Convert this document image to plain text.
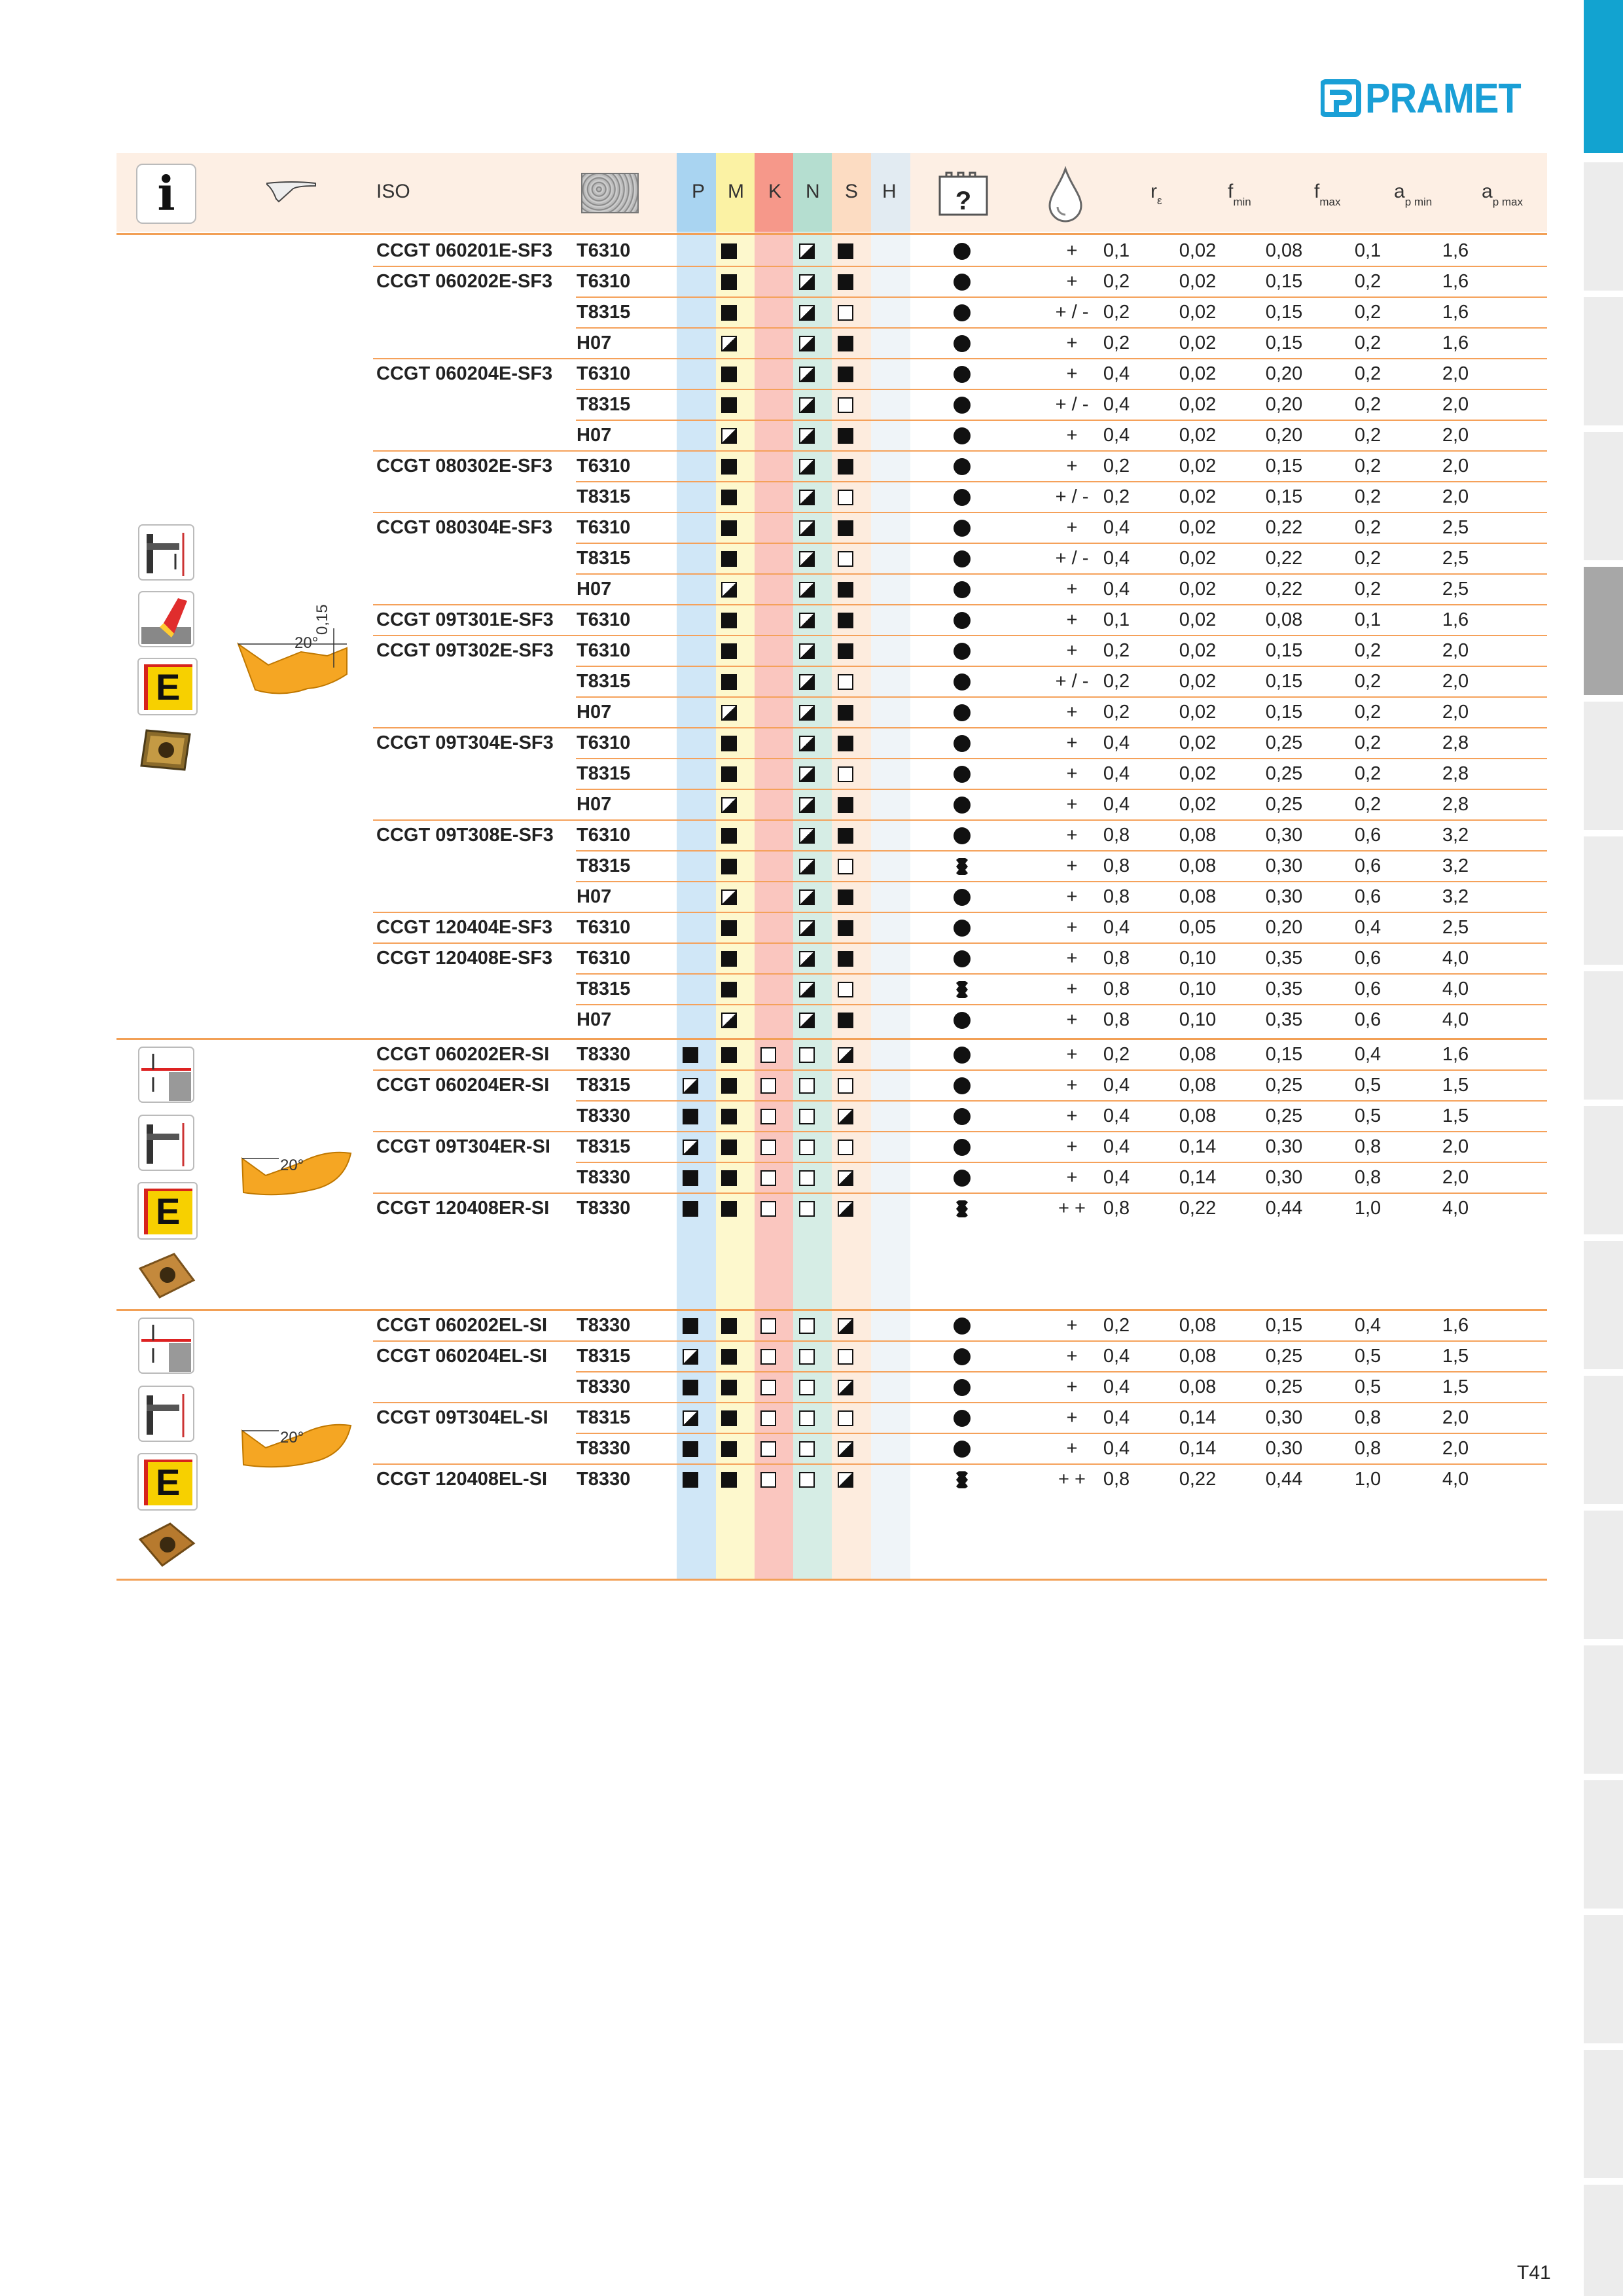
PRAMET
i	ISO	P M K N S H ?	$r_\varepsilon$	$f_{min}$	$f_{max}$	$a_{p min}$	$a_{p max}$
CCGT 060201E-SF3 T6310	+	0,1	0,02	0,08	0,1	1,6
CCGT 060202E-SF3 T6310	+	0,2	0,02	0,15	0,2	1,6
T8315	+ / - 0,2	0,02	0,15	0,2	1,6
H07	+	0,2	0,02	0,15	0,2	1,6
CCGT 060204E-SF3 T6310	+	0,4	0,02	0,20	0,2	2,0
T8315	+ / - 0,4	0,02	0,20	0,2	2,0
H07	+	0,4	0,02	0,20	0,2	2,0
CCGT 080302E-SF3 T6310	+	0,2	0,02	0,15	0,2	2,0
T8315	+ / - 0,2	0,02	0,15	0,2	2,0
CCGT 080304E-SF3 T6310	+	0,4	0,02	0,22	0,2	2,5
T8315	+ / - 0,4	0,02	0,22	0,2	2,5
H07	+	0,4	0,02	0,22	0,2	2,5
CCGT 09T301E-SF3 T6310	+	0,1	0,02	0,08	0,1	1,6
CCGT 09T302E-SF3 T6310	+	0,2	0,02	0,15	0,2	2,0
T8315	+ / - 0,2	0,02	0,15	0,2	2,0
H07	+	0,2	0,02	0,15	0,2	2,0
CCGT 09T304E-SF3 T6310	+	0,4	0,02	0,25	0,2	2,8
T8315	+	0,4	0,02	0,25	0,2	2,8
H07	+	0,4	0,02	0,25	0,2	2,8
CCGT 09T308E-SF3 T6310	+	0,8	0,08	0,30	0,6	3,2
T8315	+	0,8	0,08	0,30	0,6	3,2
H07	+	0,8	0,08	0,30	0,6	3,2
CCGT 120404E-SF3 T6310	+	0,4	0,05	0,20	0,4	2,5
CCGT 120408E-SF3 T6310	+	0,8	0,10	0,35	0,6	4,0
T8315	+	0,8	0,10	0,35	0,6	4,0
H07	+	0,8	0,10	0,35	0,6	4,0
CCGT 060202ER-SI T8330	+	0,2	0,08	0,15	0,4	1,6
CCGT 060204ER-SI T8315	+	0,4	0,08	0,25	0,5	1,5
T8330	+	0,4	0,08	0,25	0,5	1,5
CCGT 09T304ER-SI T8315	+	0,4	0,14	0,30	0,8	2,0
T8330	+	0,4	0,14	0,30	0,8	2,0
CCGT 120408ER-SI T8330	+ + 0,8	0,22	0,44	1,0	4,0
CCGT 060202EL-SI T8330	+	0,2	0,08	0,15	0,4	1,6
CCGT 060204EL-SI T8315	+	0,4	0,08	0,25	0,5	1,5
T8330	+	0,4	0,08	0,25	0,5	1,5
CCGT 09T304EL-SI T8315	+	0,4	0,14	0,30	0,8	2,0
T8330	+	0,4	0,14	0,30	0,8	2,0
CCGT 120408EL-SI T8330	+ + 0,8	0,22	0,44	1,0	4,0
E
20°
0,15
E
20°
E
20°
T41
